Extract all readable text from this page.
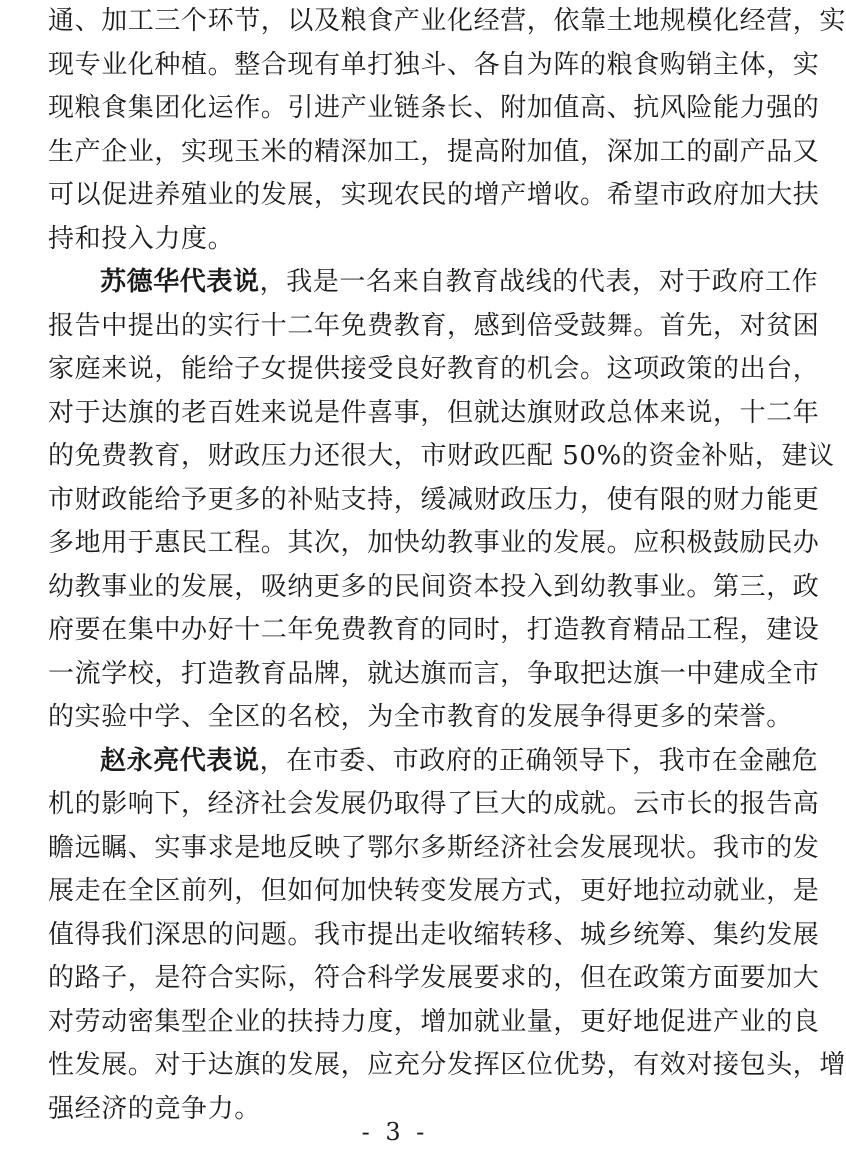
通、加工三个环节，以及粮食产业化经营，依靠土地规模化经营，实
现专业化种植。整合现有单打独斗、各自为阵的粮食购销主体，实
现粮食集团化运作。引进产业链条长、附加值高、抗风险能力强的
生产企业，实现玉米的精深加工，提高附加值，深加工的副产品又
可以促进养殖业的发展，实现农民的增产增收。希望市政府加大扶
持和投入力度。
苏德华代表说，我是一名来自教育战线的代表，对于政府工作
报告中提出的实行十二年免费教育，感到倍受鼓舞。首先，对贫困
家庭来说，能给子女提供接受良好教育的机会。这项政策的出台，
对于达旗的老百姓来说是件喜事，但就达旗财政总体来说，十二年
的免费教育，财政压力还很大，市财政匹配 50%的资金补贴，建议
市财政能给予更多的补贴支持，缓减财政压力，使有限的财力能更
多地用于惠民工程。其次，加快幼教事业的发展。应积极鼓励民办
幼教事业的发展，吸纳更多的民间资本投入到幼教事业。第三，政
府要在集中办好十二年免费教育的同时，打造教育精品工程，建设
一流学校，打造教育品牌，就达旗而言，争取把达旗一中建成全市
的实验中学、全区的名校，为全市教育的发展争得更多的荣誉。
赵永亮代表说，在市委、市政府的正确领导下，我市在金融危
机的影响下，经济社会发展仍取得了巨大的成就。云市长的报告高
瞻远瞩、实事求是地反映了鄂尔多斯经济社会发展现状。我市的发
展走在全区前列，但如何加快转变发展方式，更好地拉动就业，是
值得我们深思的问题。我市提出走收缩转移、城乡统筹、集约发展
的路子，是符合实际，符合科学发展要求的，但在政策方面要加大
对劳动密集型企业的扶持力度，增加就业量，更好地促进产业的良
性发展。对于达旗的发展，应充分发挥区位优势，有效对接包头，增
强经济的竞争力。
- 3 -
